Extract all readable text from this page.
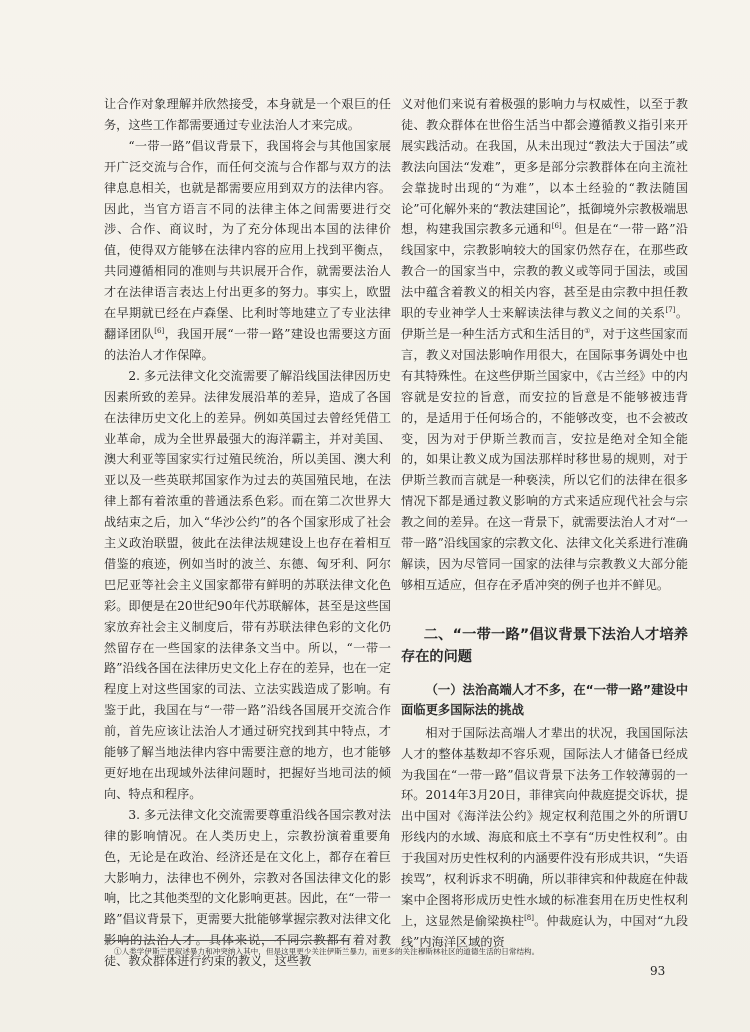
让合作对象理解并欣然接受，本身就是一个艰巨的任务，这些工作都需要通过专业法治人才来完成。

“一带一路”倡议背景下，我国将会与其他国家展开广泛交流与合作，而任何交流与合作都与双方的法律息息相关，也就是都需要应用到双方的法律内容。因此，当官方语言不同的法律主体之间需要进行交涉、合作、商议时，为了充分体现出本国的法律价值，使得双方能够在法律内容的应用上找到平衡点，共同遵循相同的准则与共识展开合作，就需要法治人才在法律语言表达上付出更多的努力。事实上，欧盟在早期就已经在卢森堡、比利时等地建立了专业法律翻译团队[6]，我国开展“一带一路”建设也需要这方面的法治人才作保障。

2. 多元法律文化交流需要了解沿线国法律因历史因素所致的差异。法律发展沿革的差异，造成了各国在法律历史文化上的差异。例如英国过去曾经凭借工业革命，成为全世界最强大的海洋霸主，并对美国、澳大利亚等国家实行过殖民统治，所以美国、澳大利亚以及一些英联邦国家作为过去的英国殖民地，在法律上都有着浓重的普通法系色彩。而在第二次世界大战结束之后，加入“华沙公约”的各个国家形成了社会主义政治联盟，彼此在法律法规建设上也存在着相互借鉴的痕迹，例如当时的波兰、东德、匈牙利、阿尔巴尼亚等社会主义国家都带有鲜明的苏联法律文化色彩。即便是在20世纪90年代苏联解体，甚至是这些国家放弃社会主义制度后，带有苏联法律色彩的文化仍然留存在一些国家的法律条文当中。所以，“一带一路”沿线各国在法律历史文化上存在的差异，也在一定程度上对这些国家的司法、立法实践造成了影响。有鉴于此，我国在与“一带一路”沿线各国展开交流合作前，首先应该让法治人才通过研究找到其中特点，才能够了解当地法律内容中需要注意的地方，也才能够更好地在出现域外法律问题时，把握好当地司法的倾向、特点和程序。

3. 多元法律文化交流需要尊重沿线各国宗教对法律的影响情况。在人类历史上，宗教扮演着重要角色，无论是在政治、经济还是在文化上，都存在着巨大影响力，法律也不例外，宗教对各国法律文化的影响，比之其他类型的文化影响更甚。因此，在“一带一路”倡议背景下，更需要大批能够掌握宗教对法律文化影响的法治人才。具体来说，不同宗教都有着对教徒、教众群体进行约束的教义，这些教

义对他们来说有着极强的影响力与权威性，以至于教徒、教众群体在世俗生活当中都会遵循教义指引来开展实践活动。在我国，从未出现过“教法大于国法”或教法向国法“发难”，更多是部分宗教群体在向主流社会靠拢时出现的“为难”，以本土经验的“教法随国论”可化解外来的“教法建国论”，抵御境外宗教极端思想，构建我国宗教多元通和[6]。但是在“一带一路”沿线国家中，宗教影响较大的国家仍然存在，在那些政教合一的国家当中，宗教的教义或等同于国法，或国法中蕴含着教义的相关内容，甚至是由宗教中担任教职的专业神学人士来解读法律与教义之间的关系[7]。伊斯兰是一种生活方式和生活目的①，对于这些国家而言，教义对国法影响作用很大，在国际事务调处中也有其特殊性。在这些伊斯兰国家中，《古兰经》中的内容就是安拉的旨意，而安拉的旨意是不能够被违背的，是适用于任何场合的，不能够改变，也不会被改变，因为对于伊斯兰教而言，安拉是绝对全知全能的，如果让教义成为国法那样时移世易的规则，对于伊斯兰教而言就是一种亵渎，所以它们的法律在很多情况下都是通过教义影响的方式来适应现代社会与宗教之间的差异。在这一背景下，就需要法治人才对“一带一路”沿线国家的宗教文化、法律文化关系进行准确解读，因为尽管同一国家的法律与宗教教义大部分能够相互适应，但存在矛盾冲突的例子也并不鲜见。

二、“一带一路”倡议背景下法治人才培养存在的问题
（一）法治高端人才不多，在“一带一路”建设中面临更多国际法的挑战

相对于国际法高端人才辈出的状况，我国国际法人才的整体基数却不容乐观，国际法人才储备已经成为我国在“一带一路”倡议背景下法务工作较薄弱的一环。2014年3月20日，菲律宾向仲裁庭提交诉状，提出中国对《海洋法公约》规定权利范围之外的所谓U形线内的水域、海底和底土不享有“历史性权利”。由于我国对历史性权利的内涵要件没有形成共识，“失语挨骂”，权利诉求不明确，所以菲律宾和仲裁庭在仲裁案中企图将形成历史性水域的标准套用在历史性权利上，这显然是偷梁换柱[8]。仲裁庭认为，中国对“九段线”内海洋区域的资

①人类学伊斯兰把叙述暴力和冲突纳入其中，但是这里更少关注伊斯兰暴力，而更多的关注穆斯林社区的道德生活的日常结构。
93
